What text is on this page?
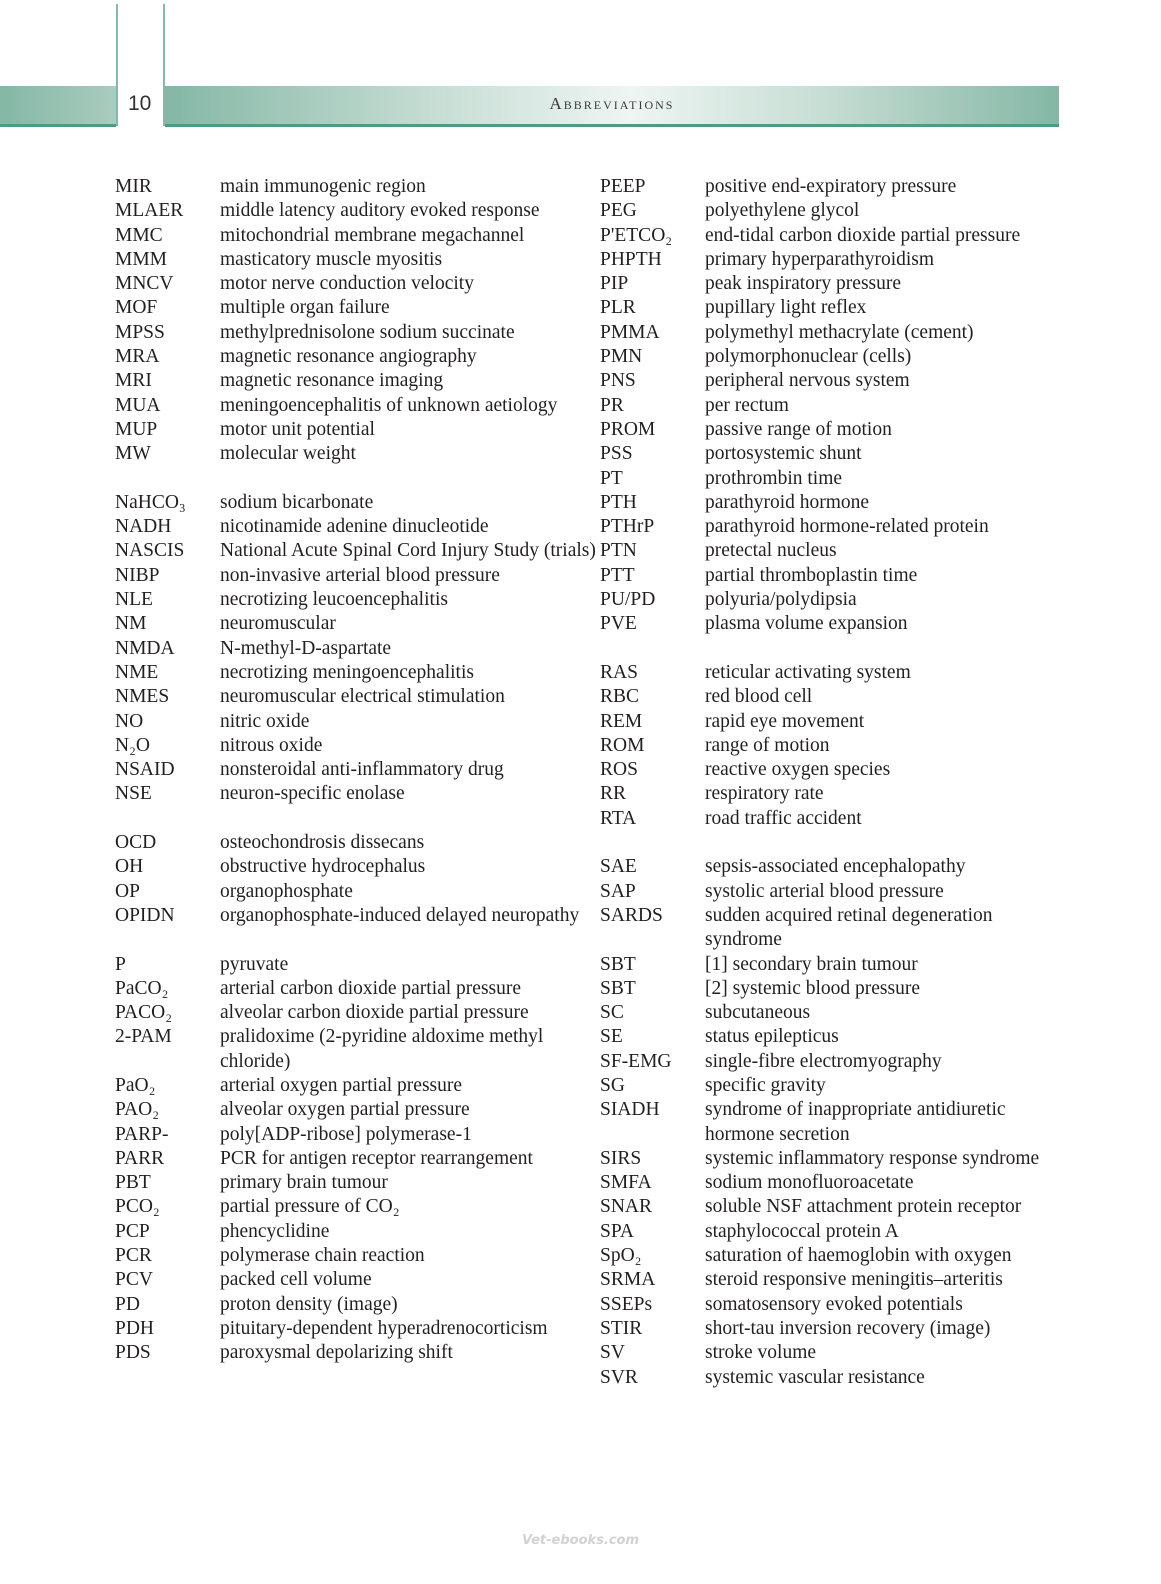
10	Abbreviations
MIR	main immunogenic region
MLAER	middle latency auditory evoked response
MMC	mitochondrial membrane megachannel
MMM	masticatory muscle myositis
MNCV	motor nerve conduction velocity
MOF	multiple organ failure
MPSS	methylprednisolone sodium succinate
MRA	magnetic resonance angiography
MRI	magnetic resonance imaging
MUA	meningoencephalitis of unknown aetiology
MUP	motor unit potential
MW	molecular weight
NaHCO₃	sodium bicarbonate
NADH	nicotinamide adenine dinucleotide
NASCIS	National Acute Spinal Cord Injury Study (trials)
NIBP	non-invasive arterial blood pressure
NLE	necrotizing leucoencephalitis
NM	neuromuscular
NMDA	N-methyl-D-aspartate
NME	necrotizing meningoencephalitis
NMES	neuromuscular electrical stimulation
NO	nitric oxide
N₂O	nitrous oxide
NSAID	nonsteroidal anti-inflammatory drug
NSE	neuron-specific enolase
OCD	osteochondrosis dissecans
OH	obstructive hydrocephalus
OP	organophosphate
OPIDN	organophosphate-induced delayed neuropathy
P	pyruvate
PaCO₂	arterial carbon dioxide partial pressure
PACO₂	alveolar carbon dioxide partial pressure
2-PAM	pralidoxime (2-pyridine aldoxime methyl chloride)
PaO₂	arterial oxygen partial pressure
PAO₂	alveolar oxygen partial pressure
PARP-	poly[ADP-ribose] polymerase-1
PARR	PCR for antigen receptor rearrangement
PBT	primary brain tumour
PCO₂	partial pressure of CO₂
PCP	phencyclidine
PCR	polymerase chain reaction
PCV	packed cell volume
PD	proton density (image)
PDH	pituitary-dependent hyperadrenocorticism
PDS	paroxysmal depolarizing shift
PEEP	positive end-expiratory pressure
PEG	polyethylene glycol
P'ETCO₂	end-tidal carbon dioxide partial pressure
PHPTH	primary hyperparathyroidism
PIP	peak inspiratory pressure
PLR	pupillary light reflex
PMMA	polymethyl methacrylate (cement)
PMN	polymorphonuclear (cells)
PNS	peripheral nervous system
PR	per rectum
PROM	passive range of motion
PSS	portosystemic shunt
PT	prothrombin time
PTH	parathyroid hormone
PTHrP	parathyroid hormone-related protein
PTN	pretectal nucleus
PTT	partial thromboplastin time
PU/PD	polyuria/polydipsia
PVE	plasma volume expansion
RAS	reticular activating system
RBC	red blood cell
REM	rapid eye movement
ROM	range of motion
ROS	reactive oxygen species
RR	respiratory rate
RTA	road traffic accident
SAE	sepsis-associated encephalopathy
SAP	systolic arterial blood pressure
SARDS	sudden acquired retinal degeneration syndrome
SBT	[1] secondary brain tumour
SBT	[2] systemic blood pressure
SC	subcutaneous
SE	status epilepticus
SF-EMG	single-fibre electromyography
SG	specific gravity
SIADH	syndrome of inappropriate antidiuretic hormone secretion
SIRS	systemic inflammatory response syndrome
SMFA	sodium monofluoroacetate
SNAR	soluble NSF attachment protein receptor
SPA	staphylococcal protein A
SpO₂	saturation of haemoglobin with oxygen
SRMA	steroid responsive meningitis–arteritis
SSEPs	somatosensory evoked potentials
STIR	short-tau inversion recovery (image)
SV	stroke volume
SVR	systemic vascular resistance
Vet-ebooks.com
